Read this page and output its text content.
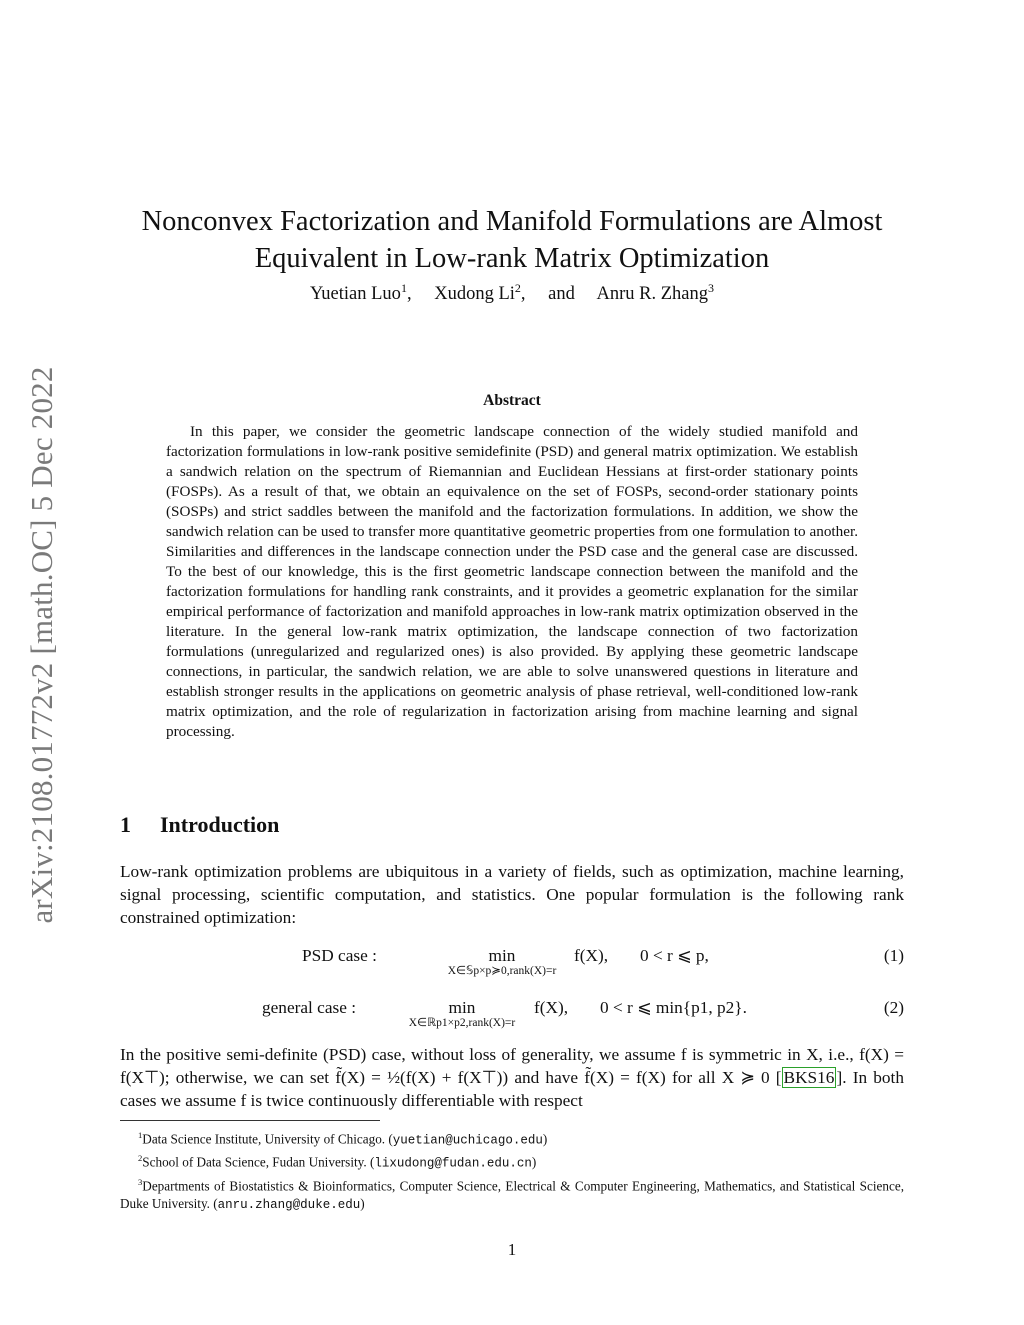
arXiv:2108.01772v2 [math.OC] 5 Dec 2022
Nonconvex Factorization and Manifold Formulations are Almost
Equivalent in Low-rank Matrix Optimization
Yuetian Luo$^1$, Xudong Li$^2$, and Anru R. Zhang$^3$
Abstract

In this paper, we consider the geometric landscape connection of the widely studied manifold and factorization formulations in low-rank positive semidefinite (PSD) and general matrix optimization. We establish a sandwich relation on the spectrum of Riemannian and Euclidean Hessians at first-order stationary points (FOSPs). As a result of that, we obtain an equivalence on the set of FOSPs, second-order stationary points (SOSPs) and strict saddles between the manifold and the factorization formulations. In addition, we show the sandwich relation can be used to transfer more quantitative geometric properties from one formulation to another. Similarities and differences in the landscape connection under the PSD case and the general case are discussed. To the best of our knowledge, this is the first geometric landscape connection between the manifold and the factorization formulations for handling rank constraints, and it provides a geometric explanation for the similar empirical performance of factorization and manifold approaches in low-rank matrix optimization observed in the literature. In the general low-rank matrix optimization, the landscape connection of two factorization formulations (unregularized and regularized ones) is also provided. By applying these geometric landscape connections, in particular, the sandwich relation, we are able to solve unanswered questions in literature and establish stronger results in the applications on geometric analysis of phase retrieval, well-conditioned low-rank matrix optimization, and the role of regularization in factorization arising from machine learning and signal processing.

1 Introduction

Low-rank optimization problems are ubiquitous in a variety of fields, such as optimization, machine learning, signal processing, scientific computation, and statistics. One popular formulation is the following rank constrained optimization:

PSD case :	min
X∈𝕊p×p≽0,rank(X)=r
f(X), 0 < r ⩽ p,	(1)
general case :	min
X∈ℝp1×p2,rank(X)=r
f(X), 0 < r ⩽ min{p1, p2}.	(2)

In the positive semi-definite (PSD) case, without loss of generality, we assume f is symmetric in X, i.e., f(X) = f(X⊤); otherwise, we can set f̃(X) = ½(f(X) + f(X⊤)) and have f̃(X) = f(X) for all X ≽ 0 [ BKS16 ]. In both cases we assume f is twice continuously differentiable with respect

$^1$Data Science Institute, University of Chicago. (yuetian@uchicago.edu)
$^2$School of Data Science, Fudan University. (lixudong@fudan.edu.cn)
$^3$Departments of Biostatistics & Bioinformatics, Computer Science, Electrical & Computer Engineering, Mathematics, and Statistical Science, Duke University. (anru.zhang@duke.edu)
1
